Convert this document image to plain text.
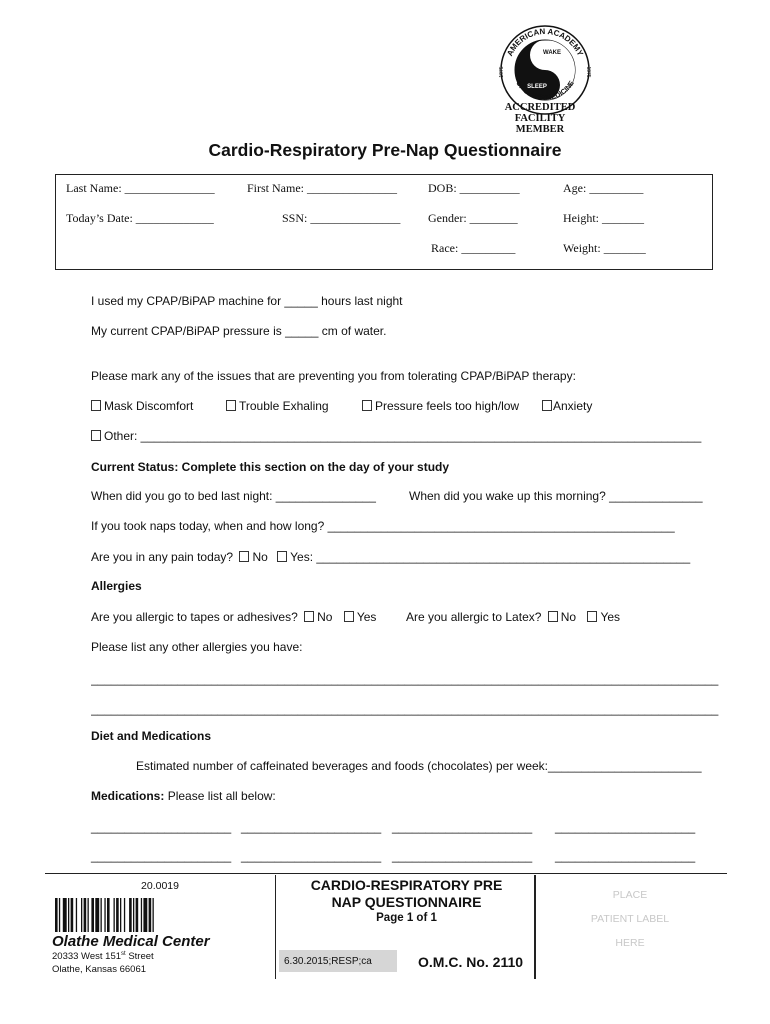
AMERICAN ACADEMY
OF SLEEP MEDICINE
WAKE
SLEEP
1975	1975
ACCREDITED
FACILITY
MEMBER
Cardio-Respiratory Pre-Nap Questionnaire
Last Name: _______________	First Name: _______________	DOB: __________	Age: _________
Today’s Date: _____________	SSN: _______________ Gender: ________	Height: _______
Race: _________	Weight: _______
I used my CPAP/BiPAP machine for _____ hours last night
My current CPAP/BiPAP pressure is _____ cm of water.
Please mark any of the issues that are preventing you from tolerating CPAP/BiPAP therapy:
Mask Discomfort	Trouble Exhaling	Pressure feels too high/low	Anxiety
Other: ____________________________________________________________________________________
Current Status: Complete this section on the day of your study
When did you go to bed last night: _______________	When did you wake up this morning? ______________
If you took naps today, when and how long? ____________________________________________________
Are you in any pain today? No Yes: ________________________________________________________
Allergies
Are you allergic to tapes or adhesives? No Yes Are you allergic to Latex? No Yes
Please list any other allergies you have:
______________________________________________________________________________________________
______________________________________________________________________________________________
Diet and Medications
Estimated number of caffeinated beverages and foods (chocolates) per week:_______________________
Medications: Please list all below:
_____________________ _____________________ _____________________ _____________________
_____________________ _____________________ _____________________ _____________________
20.0019
Olathe Medical Center
20333 West 151st Street
Olathe, Kansas 66061
CARDIO-RESPIRATORY PRE
NAP QUESTIONNAIRE
Page 1 of 1
6.30.2015;RESP;ca	O.M.C. No. 2110
PLACE
PATIENT LABEL
HERE
